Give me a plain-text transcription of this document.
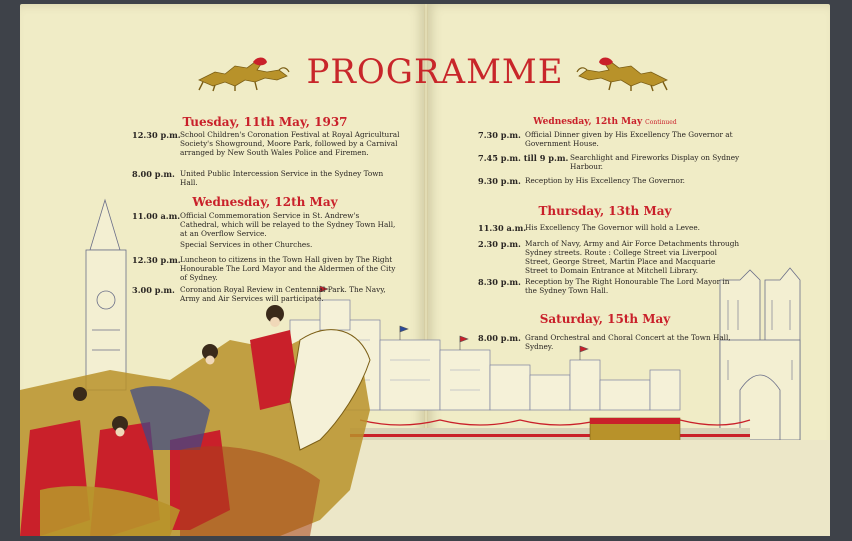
PROGRAMME
Tuesday, 11th May, 1937
12.30 p.m. School Children's Coronation Festival at Royal Agricultural Society's Showground, Moore Park, followed by a Carnival arranged by New South Wales Police and Firemen.
8.00 p.m. United Public Intercession Service in the Sydney Town Hall.
Wednesday, 12th May
11.00 a.m. Official Commemoration Service in St. Andrew's Cathedral, which will be relayed to the Sydney Town Hall, at an Overflow Service.
Special Services in other Churches.
12.30 p.m. Luncheon to citizens in the Town Hall given by The Right Honourable The Lord Mayor and the Aldermen of the City of Sydney.
3.00 p.m. Coronation Royal Review in Centennial Park. The Navy, Army and Air Services will participate.
Wednesday, 12th May Continued
7.30 p.m. Official Dinner given by His Excellency The Governor at Government House.
7.45 p.m. till 9 p.m. Searchlight and Fireworks Display on Sydney Harbour.
9.30 p.m. Reception by His Excellency The Governor.
Thursday, 13th May
11.30 a.m.
His Excellency The Governor will hold a Levee.
2.30 p.m. March of Navy, Army and Air Force Detachments through Sydney streets. Route : College Street via Liverpool Street, George Street, Martin Place and Macquarie Street to Domain Entrance at Mitchell Library.
8.30 p.m. Reception by The Right Honourable The Lord Mayor in the Sydney Town Hall.
Saturday, 15th May
8.00 p.m. Grand Orchestral and Choral Concert at the Town Hall, Sydney.
